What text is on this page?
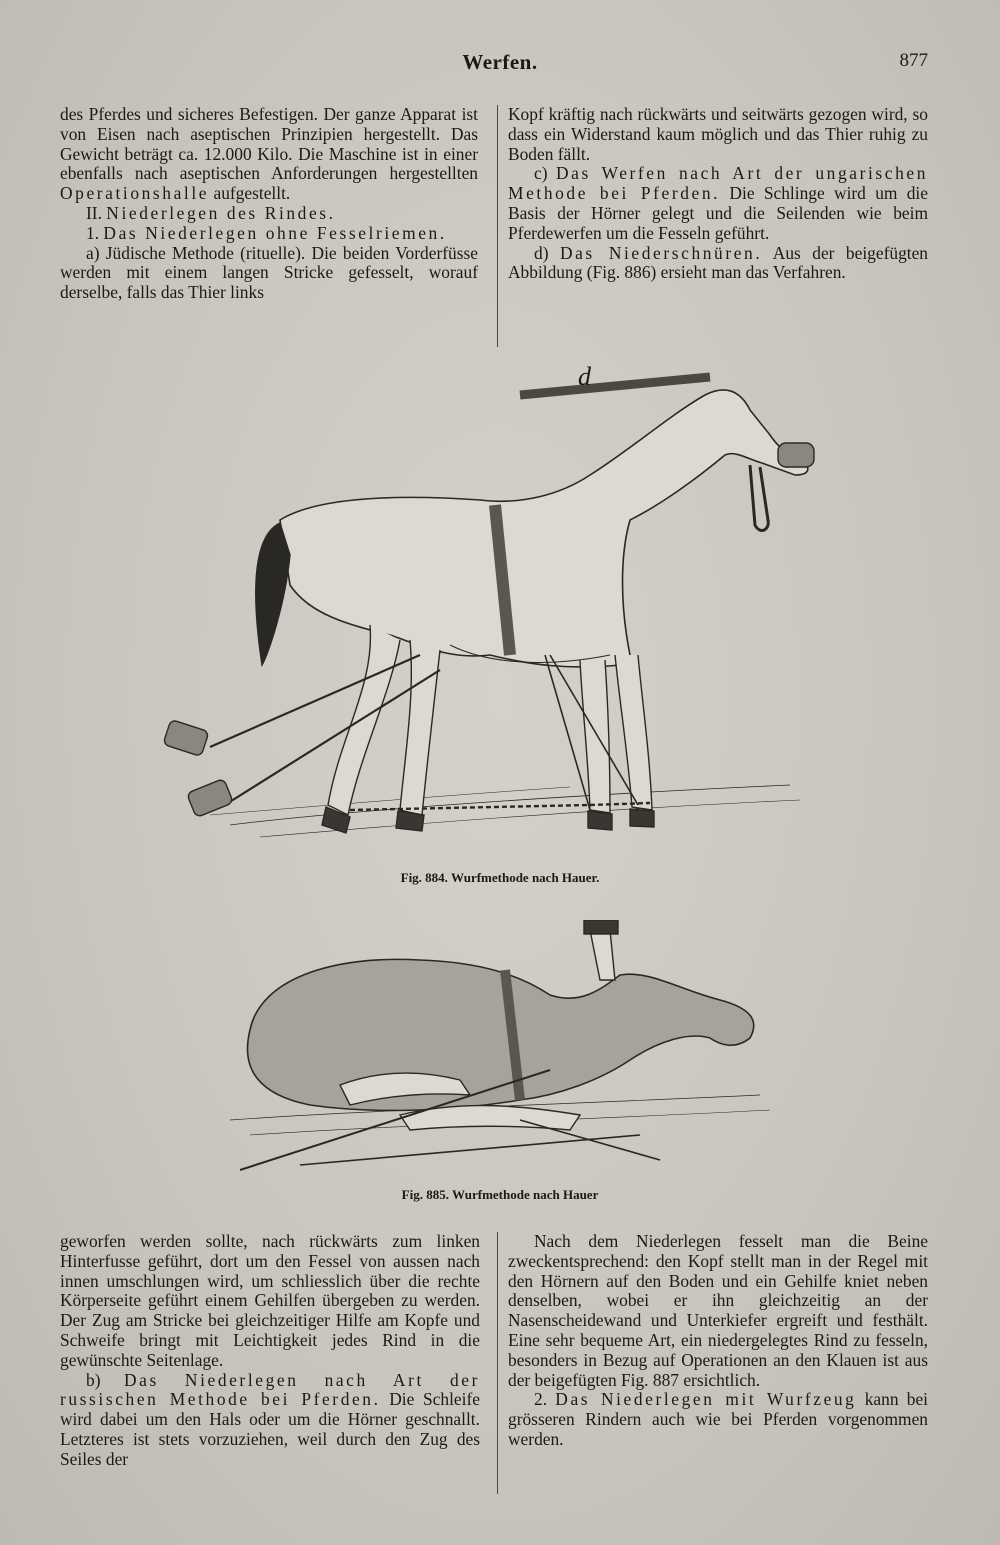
Werfen.	877

des Pferdes und sicheres Befestigen. Der ganze Apparat ist von Eisen nach aseptischen Prinzipien hergestellt. Das Gewicht beträgt ca. 12.000 Kilo. Die Maschine ist in einer ebenfalls nach aseptischen Anforderungen hergestellten Operationshalle aufgestellt.

II. Niederlegen des Rindes.

1. Das Niederlegen ohne Fesselriemen.

a) Jüdische Methode (rituelle). Die beiden Vorderfüsse werden mit einem langen Stricke gefesselt, worauf derselbe, falls das Thier links

Kopf kräftig nach rückwärts und seitwärts gezogen wird, so dass ein Widerstand kaum möglich und das Thier ruhig zu Boden fällt.

c) Das Werfen nach Art der ungarischen Methode bei Pferden. Die Schlinge wird um die Basis der Hörner gelegt und die Seilenden wie beim Pferdewerfen um die Fesseln geführt.

d) Das Niederschnüren. Aus der beigefügten Abbildung (Fig. 886) ersieht man das Verfahren.

d
Fig. 884. Wurfmethode nach Hauer.
Fig. 885. Wurfmethode nach Hauer

geworfen werden sollte, nach rückwärts zum linken Hinterfusse geführt, dort um den Fessel von aussen nach innen umschlungen wird, um schliesslich über die rechte Körperseite geführt einem Gehilfen übergeben zu werden. Der Zug am Stricke bei gleichzeitiger Hilfe am Kopfe und Schweife bringt mit Leichtigkeit jedes Rind in die gewünschte Seitenlage.

b) Das Niederlegen nach Art der russischen Methode bei Pferden. Die Schleife wird dabei um den Hals oder um die Hörner geschnallt. Letzteres ist stets vorzuziehen, weil durch den Zug des Seiles der

Nach dem Niederlegen fesselt man die Beine zweckentsprechend: den Kopf stellt man in der Regel mit den Hörnern auf den Boden und ein Gehilfe kniet neben denselben, wobei er ihn gleichzeitig an der Nasenscheidewand und Unterkiefer ergreift und festhält. Eine sehr bequeme Art, ein niedergelegtes Rind zu fesseln, besonders in Bezug auf Operationen an den Klauen ist aus der beigefügten Fig. 887 ersichtlich.

2. Das Niederlegen mit Wurfzeug kann bei grösseren Rindern auch wie bei Pferden vorgenommen werden.
